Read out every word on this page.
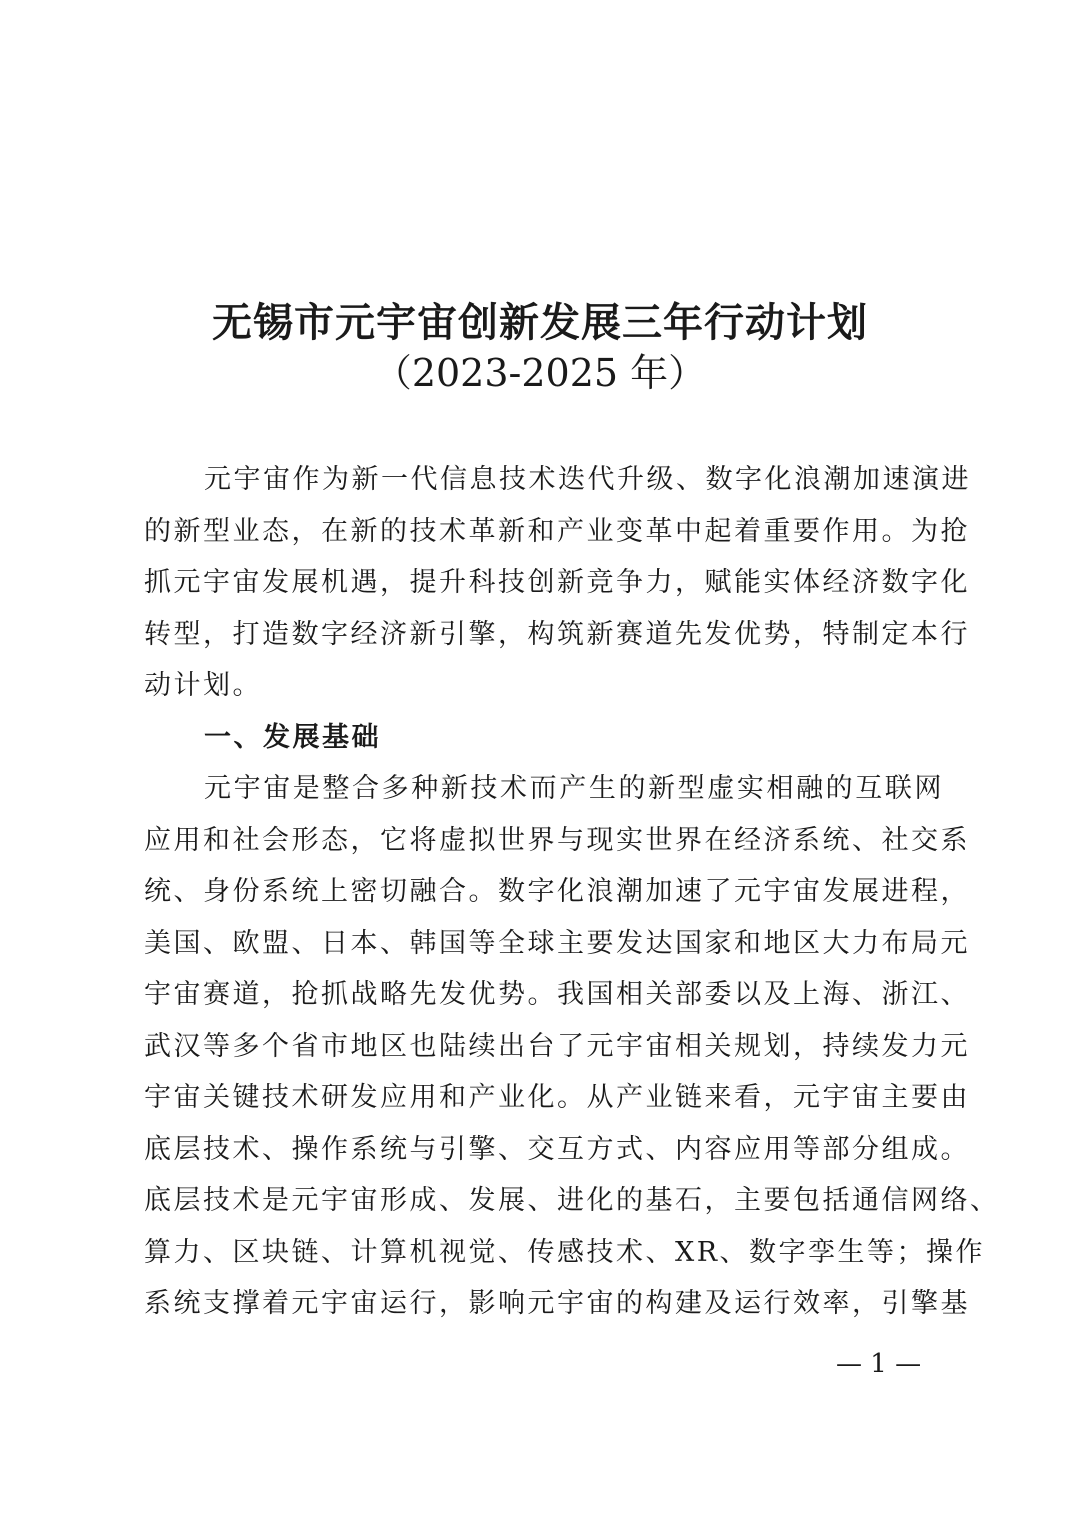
无锡市元宇宙创新发展三年行动计划
（2023-2025 年）
元宇宙作为新一代信息技术迭代升级、数字化浪潮加速演进
的新型业态，在新的技术革新和产业变革中起着重要作用。为抢
抓元宇宙发展机遇，提升科技创新竞争力，赋能实体经济数字化
转型，打造数字经济新引擎，构筑新赛道先发优势，特制定本行
动计划。
一、发展基础
元宇宙是整合多种新技术而产生的新型虚实相融的互联网
应用和社会形态，它将虚拟世界与现实世界在经济系统、社交系
统、身份系统上密切融合。数字化浪潮加速了元宇宙发展进程，
美国、欧盟、日本、韩国等全球主要发达国家和地区大力布局元
宇宙赛道，抢抓战略先发优势。我国相关部委以及上海、浙江、
武汉等多个省市地区也陆续出台了元宇宙相关规划，持续发力元
宇宙关键技术研发应用和产业化。从产业链来看，元宇宙主要由
底层技术、操作系统与引擎、交互方式、内容应用等部分组成。
底层技术是元宇宙形成、发展、进化的基石，主要包括通信网络、
算力、区块链、计算机视觉、传感技术、XR、数字孪生等；操作
系统支撑着元宇宙运行，影响元宇宙的构建及运行效率，引擎基
— 1 —
